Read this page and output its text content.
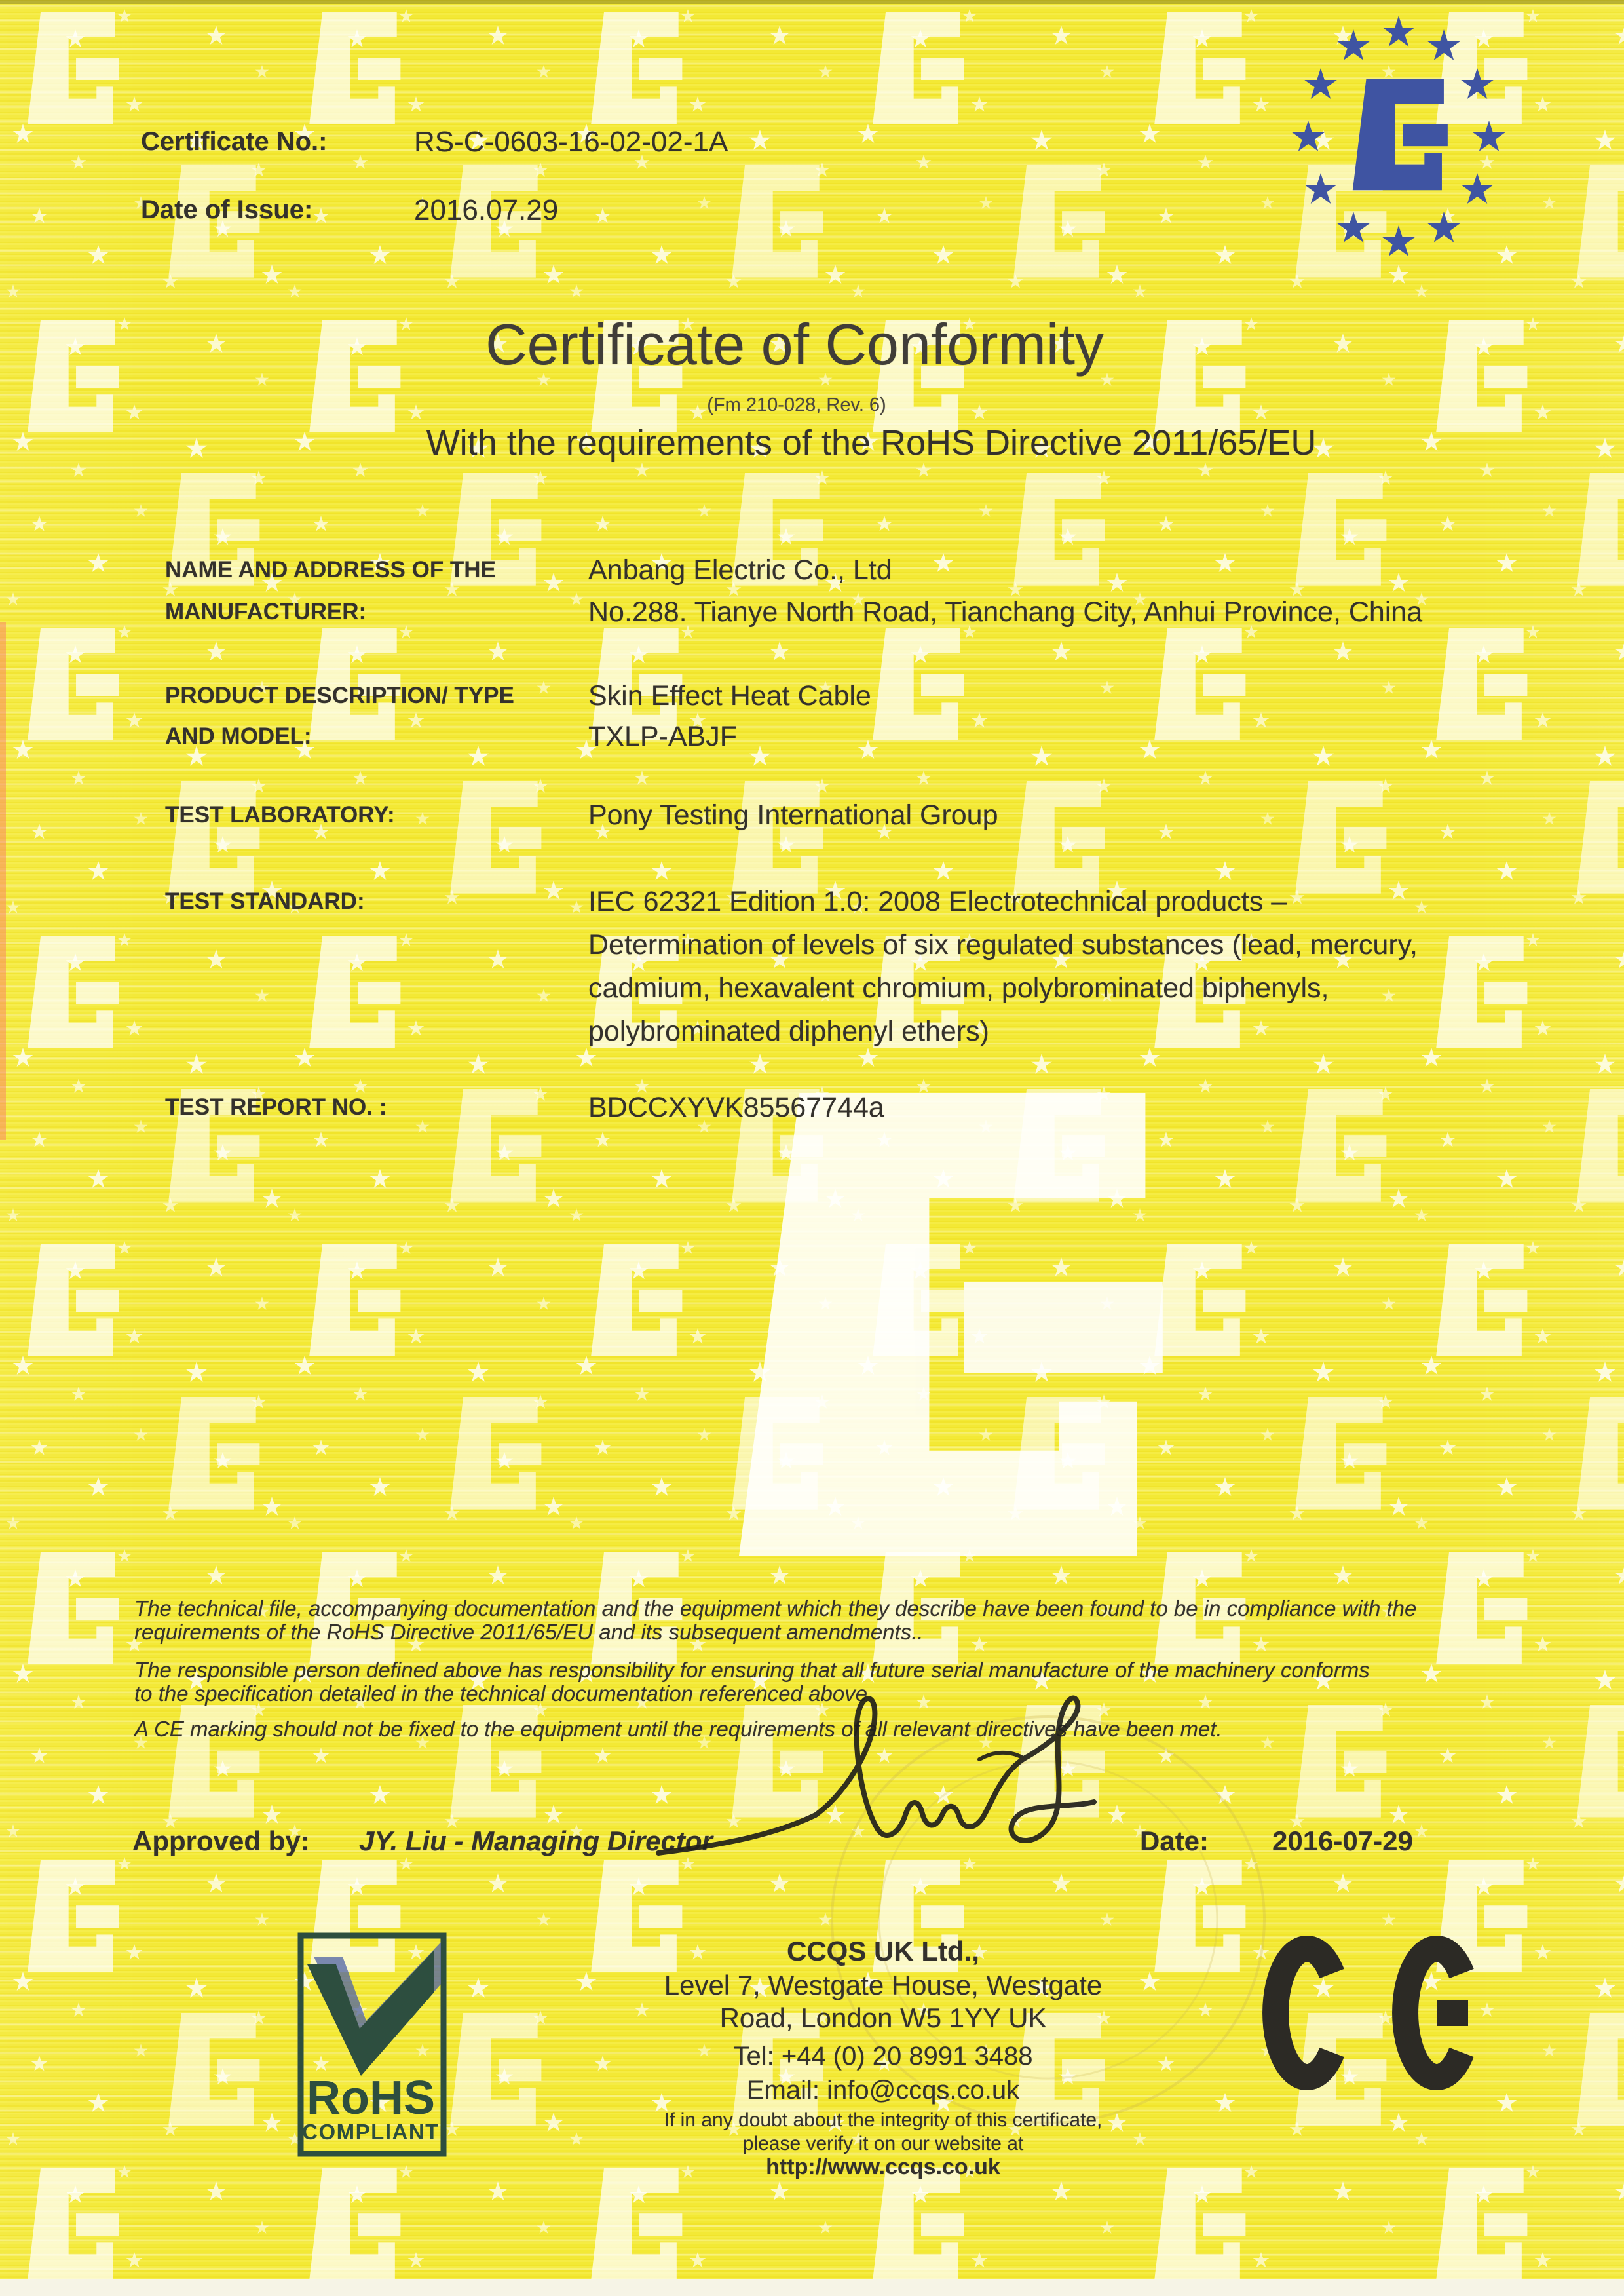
Certificate No.:	RS-C-0603-16-02-02-1A
Date of Issue:	2016.07.29
Certificate of Conformity
(Fm 210-028, Rev. 6)
With the requirements of the RoHS Directive 2011/65/EU
NAME AND ADDRESS OF THE
MANUFACTURER:
Anbang Electric Co., Ltd
No.288. Tianye North Road, Tianchang City, Anhui Province, China
PRODUCT DESCRIPTION/ TYPE
AND MODEL:
Skin Effect Heat Cable
TXLP-ABJF
TEST LABORATORY:	Pony Testing International Group
TEST STANDARD:	IEC 62321 Edition 1.0: 2008 Electrotechnical products –
Determination of levels of six regulated substances (lead, mercury,
cadmium, hexavalent chromium, polybrominated biphenyls,
polybrominated diphenyl ethers)
TEST REPORT NO. :	BDCCXYVK85567744a
The technical file, accompanying documentation and the equipment which they describe have been found to be in compliance with the
requirements of the RoHS Directive 2011/65/EU and its subsequent amendments..
The responsible person defined above has responsibility for ensuring that all future serial manufacture of the machinery conforms
to the specification detailed in the technical documentation referenced above
A CE marking should not be fixed to the equipment until the requirements of all relevant directives have been met.
Approved by: JY. Liu - Managing Director	Date: 2016-07-29
RoHS
COMPLIANT
CCQS UK Ltd.,
Level 7, Westgate House, Westgate
Road, London W5 1YY UK
Tel: +44 (0) 20 8991 3488
Email: info@ccqs.co.uk
If in any doubt about the integrity of this certificate,
please verify it on our website at
http://www.ccqs.co.uk
